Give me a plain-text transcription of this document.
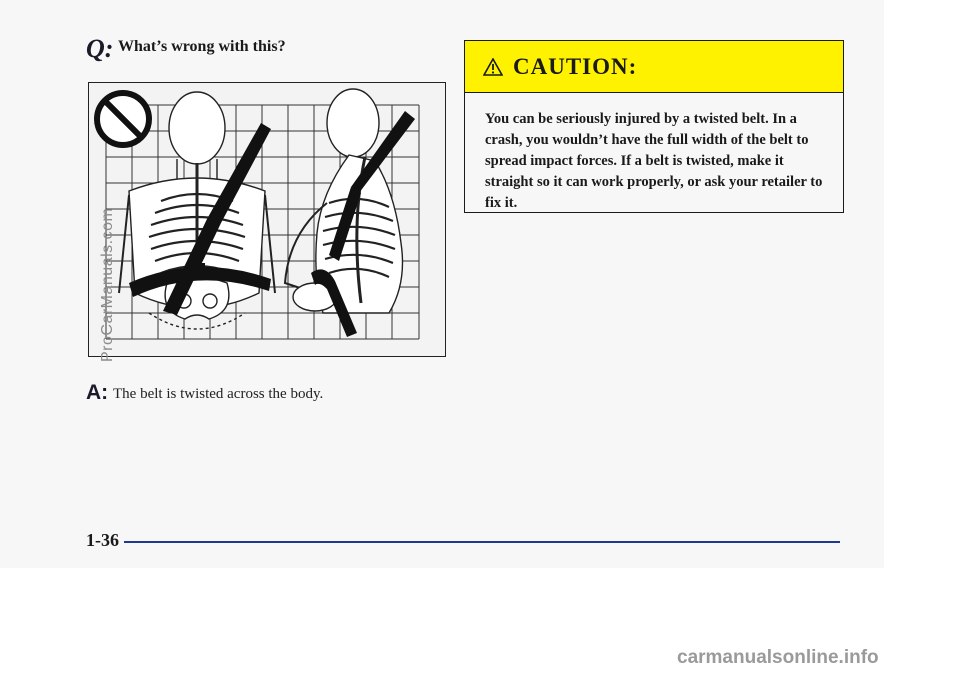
Q: What’s wrong with this?
A: The belt is twisted across the body.
CAUTION:
You can be seriously injured by a twisted belt. In a crash, you wouldn’t have the full width of the belt to spread impact forces. If a belt is twisted, make it straight so it can work properly, or ask your retailer to fix it.
1-36
ProCarManuals.com
carmanualsonline.info
